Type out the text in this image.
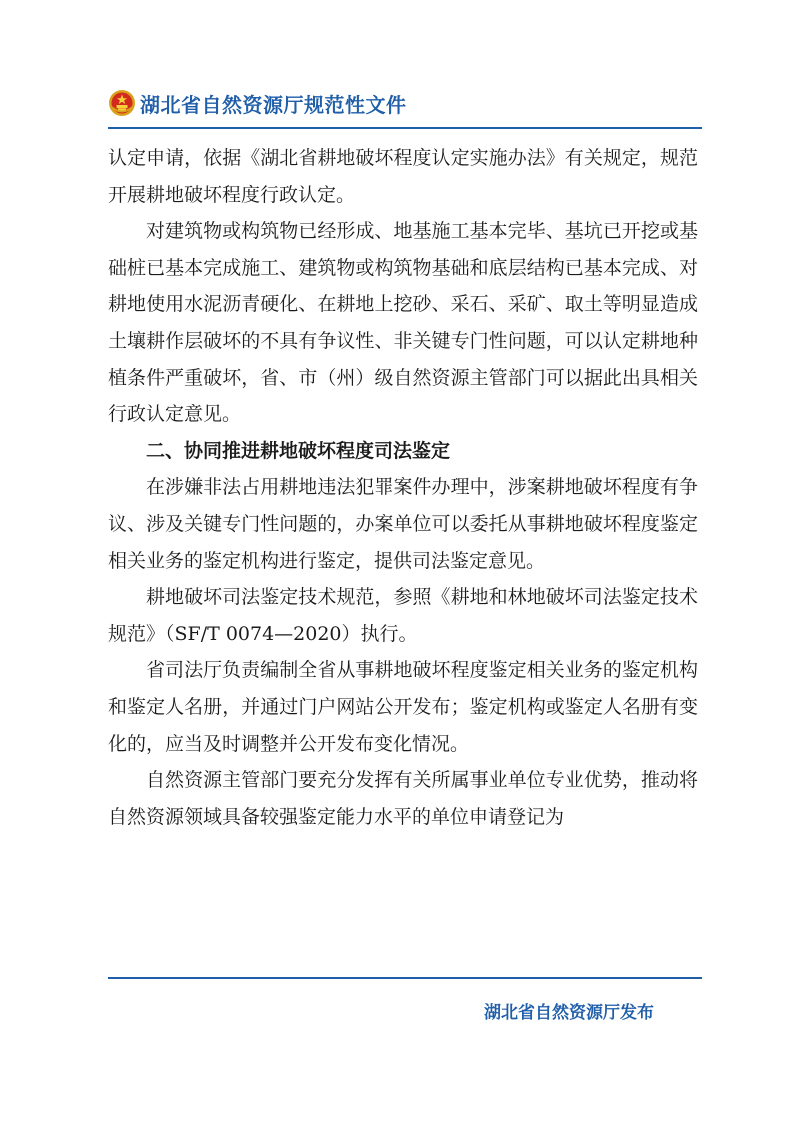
湖北省自然资源厅规范性文件

认定申请，依据《湖北省耕地破坏程度认定实施办法》有关规定，规范开展耕地破坏程度行政认定。

对建筑物或构筑物已经形成、地基施工基本完毕、基坑已开挖或基础桩已基本完成施工、建筑物或构筑物基础和底层结构已基本完成、对耕地使用水泥沥青硬化、在耕地上挖砂、采石、采矿、取土等明显造成土壤耕作层破坏的不具有争议性、非关键专门性问题，可以认定耕地种植条件严重破坏，省、市（州）级自然资源主管部门可以据此出具相关行政认定意见。

二、协同推进耕地破坏程度司法鉴定

在涉嫌非法占用耕地违法犯罪案件办理中，涉案耕地破坏程度有争议、涉及关键专门性问题的，办案单位可以委托从事耕地破坏程度鉴定相关业务的鉴定机构进行鉴定，提供司法鉴定意见。

耕地破坏司法鉴定技术规范，参照《耕地和林地破坏司法鉴定技术规范》（SF/T 0074—2020）执行。

省司法厅负责编制全省从事耕地破坏程度鉴定相关业务的鉴定机构和鉴定人名册，并通过门户网站公开发布；鉴定机构或鉴定人名册有变化的，应当及时调整并公开发布变化情况。

自然资源主管部门要充分发挥有关所属事业单位专业优势，推动将自然资源领域具备较强鉴定能力水平的单位申请登记为

湖北省自然资源厅发布
